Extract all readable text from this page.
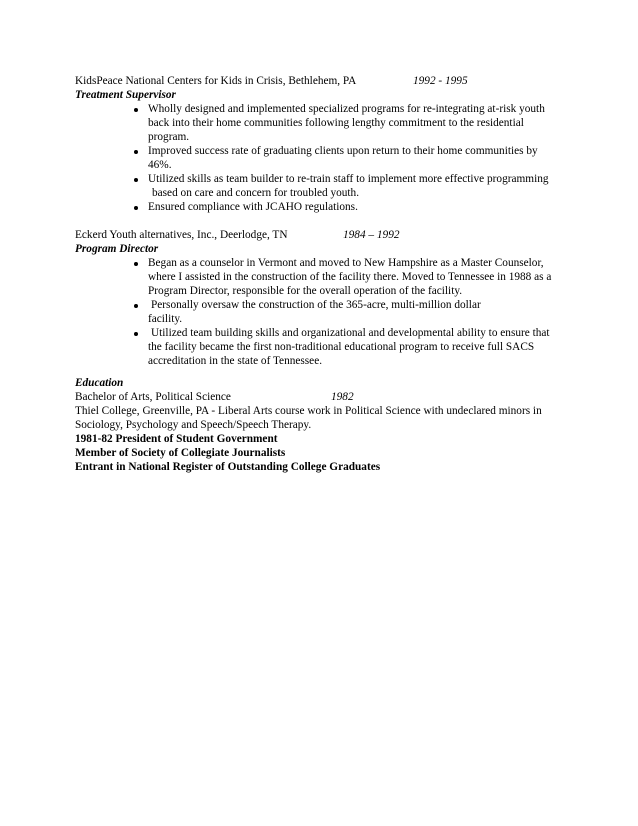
KidsPeace National Centers for Kids in Crisis, Bethlehem, PA	1992 - 1995
Treatment Supervisor
Wholly designed and implemented specialized programs for re-integrating at-risk youth
back into their home communities following lengthy commitment to the residential
program.
Improved success rate of graduating clients upon return to their home communities by
46%.
Utilized skills as team builder to re-train staff to implement more effective programming
based on care and concern for troubled youth.
Ensured compliance with JCAHO regulations.
Eckerd Youth alternatives, Inc., Deerlodge, TN	1984 – 1992
Program Director
Began as a counselor in Vermont and moved to New Hampshire as a Master Counselor,
where I assisted in the construction of the facility there. Moved to Tennessee in 1988 as a
Program Director, responsible for the overall operation of the facility.
Personally oversaw the construction of the 365-acre, multi-million dollar
facility.
Utilized team building skills and organizational and developmental ability to ensure that
the facility became the first non-traditional educational program to receive full SACS
accreditation in the state of Tennessee.
Education
Bachelor of Arts, Political Science	1982
Thiel College, Greenville, PA - Liberal Arts course work in Political Science with undeclared minors in
Sociology, Psychology and Speech/Speech Therapy.
1981-82 President of Student Government
Member of Society of Collegiate Journalists
Entrant in National Register of Outstanding College Graduates
